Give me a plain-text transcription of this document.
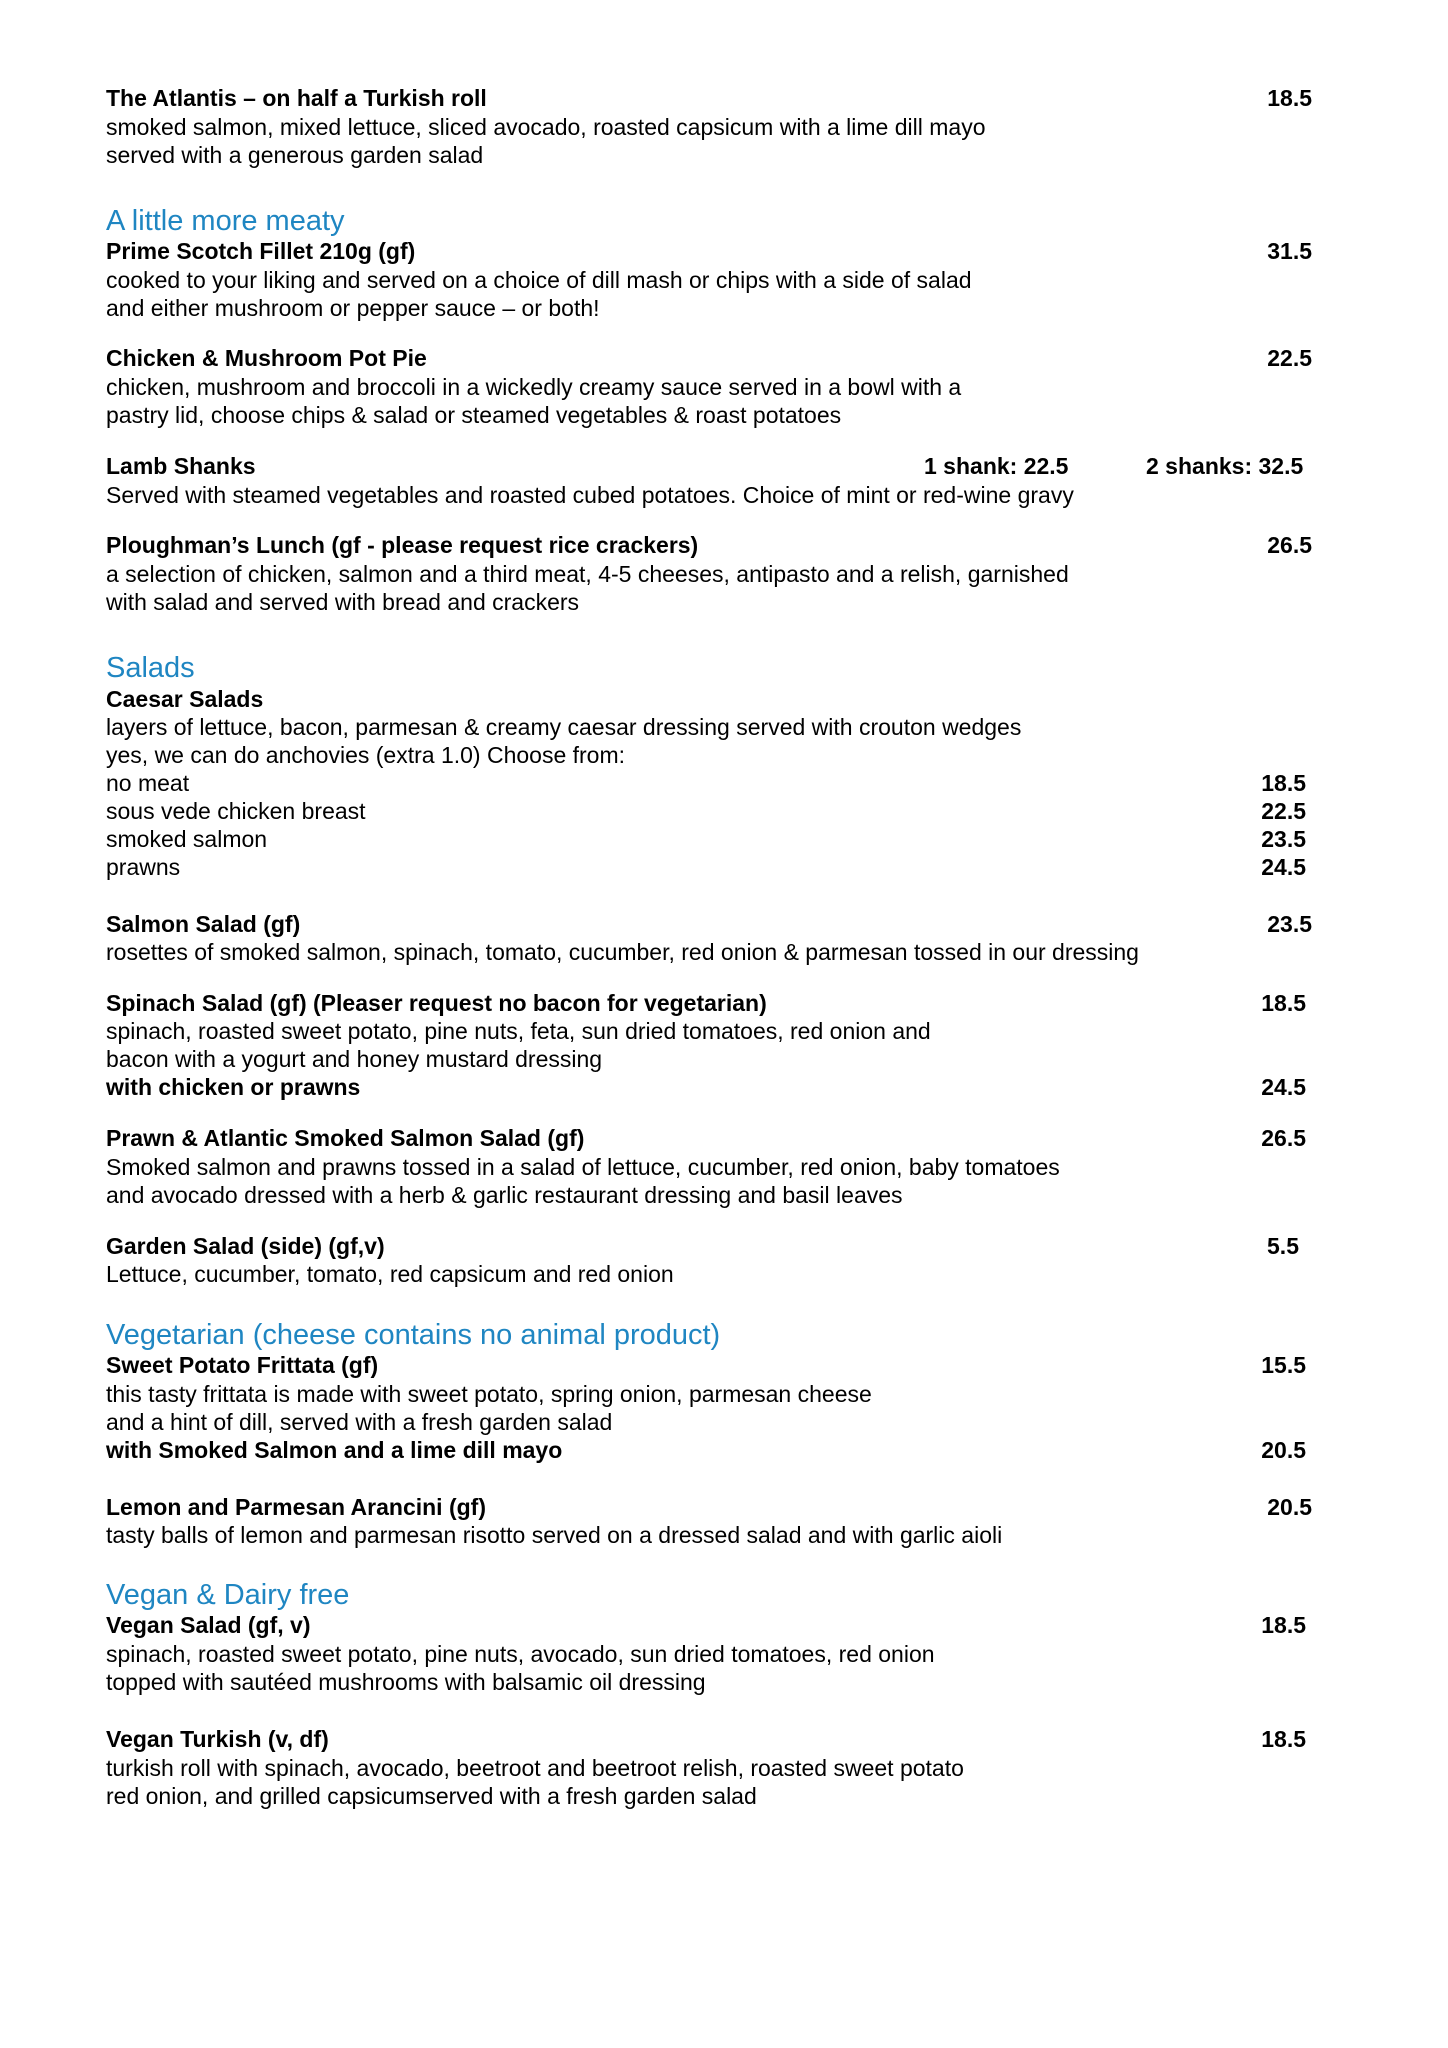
The Atlantis – on half a Turkish roll	18.5
smoked salmon, mixed lettuce, sliced avocado, roasted capsicum with a lime dill mayo
served with a generous garden salad
A little more meaty
Prime Scotch Fillet 210g (gf)	31.5
cooked to your liking and served on a choice of dill mash or chips with a side of salad
and either mushroom or pepper sauce – or both!
Chicken & Mushroom Pot Pie	22.5
chicken, mushroom and broccoli in a wickedly creamy sauce served in a bowl with a
pastry lid, choose chips & salad or steamed vegetables & roast potatoes
Lamb Shanks	1 shank: 22.5	2 shanks: 32.5
Served with steamed vegetables and roasted cubed potatoes. Choice of mint or red-wine gravy
Ploughman’s Lunch (gf - please request rice crackers)	26.5
a selection of chicken, salmon and a third meat, 4-5 cheeses, antipasto and a relish, garnished
with salad and served with bread and crackers
Salads
Caesar Salads
layers of lettuce, bacon, parmesan & creamy caesar dressing served with crouton wedges
yes, we can do anchovies (extra 1.0) Choose from:
no meat	18.5
sous vede chicken breast	22.5
smoked salmon	23.5
prawns	24.5
Salmon Salad (gf)	23.5
rosettes of smoked salmon, spinach, tomato, cucumber, red onion & parmesan tossed in our dressing
Spinach Salad (gf) (Pleaser request no bacon for vegetarian)	18.5
spinach, roasted sweet potato, pine nuts, feta, sun dried tomatoes, red onion and
bacon with a yogurt and honey mustard dressing
with chicken or prawns	24.5
Prawn & Atlantic Smoked Salmon Salad (gf)	26.5
Smoked salmon and prawns tossed in a salad of lettuce, cucumber, red onion, baby tomatoes
and avocado dressed with a herb & garlic restaurant dressing and basil leaves
Garden Salad (side) (gf,v)	5.5
Lettuce, cucumber, tomato, red capsicum and red onion
Vegetarian (cheese contains no animal product)
Sweet Potato Frittata (gf)	15.5
this tasty frittata is made with sweet potato, spring onion, parmesan cheese
and a hint of dill, served with a fresh garden salad
with Smoked Salmon and a lime dill mayo	20.5
Lemon and Parmesan Arancini (gf)	20.5
tasty balls of lemon and parmesan risotto served on a dressed salad and with garlic aioli
Vegan & Dairy free
Vegan Salad (gf, v)	18.5
spinach, roasted sweet potato, pine nuts, avocado, sun dried tomatoes, red onion
topped with sautéed mushrooms with balsamic oil dressing
Vegan Turkish (v, df)	18.5
turkish roll with spinach, avocado, beetroot and beetroot relish, roasted sweet potato
red onion, and grilled capsicumserved with a fresh garden salad
